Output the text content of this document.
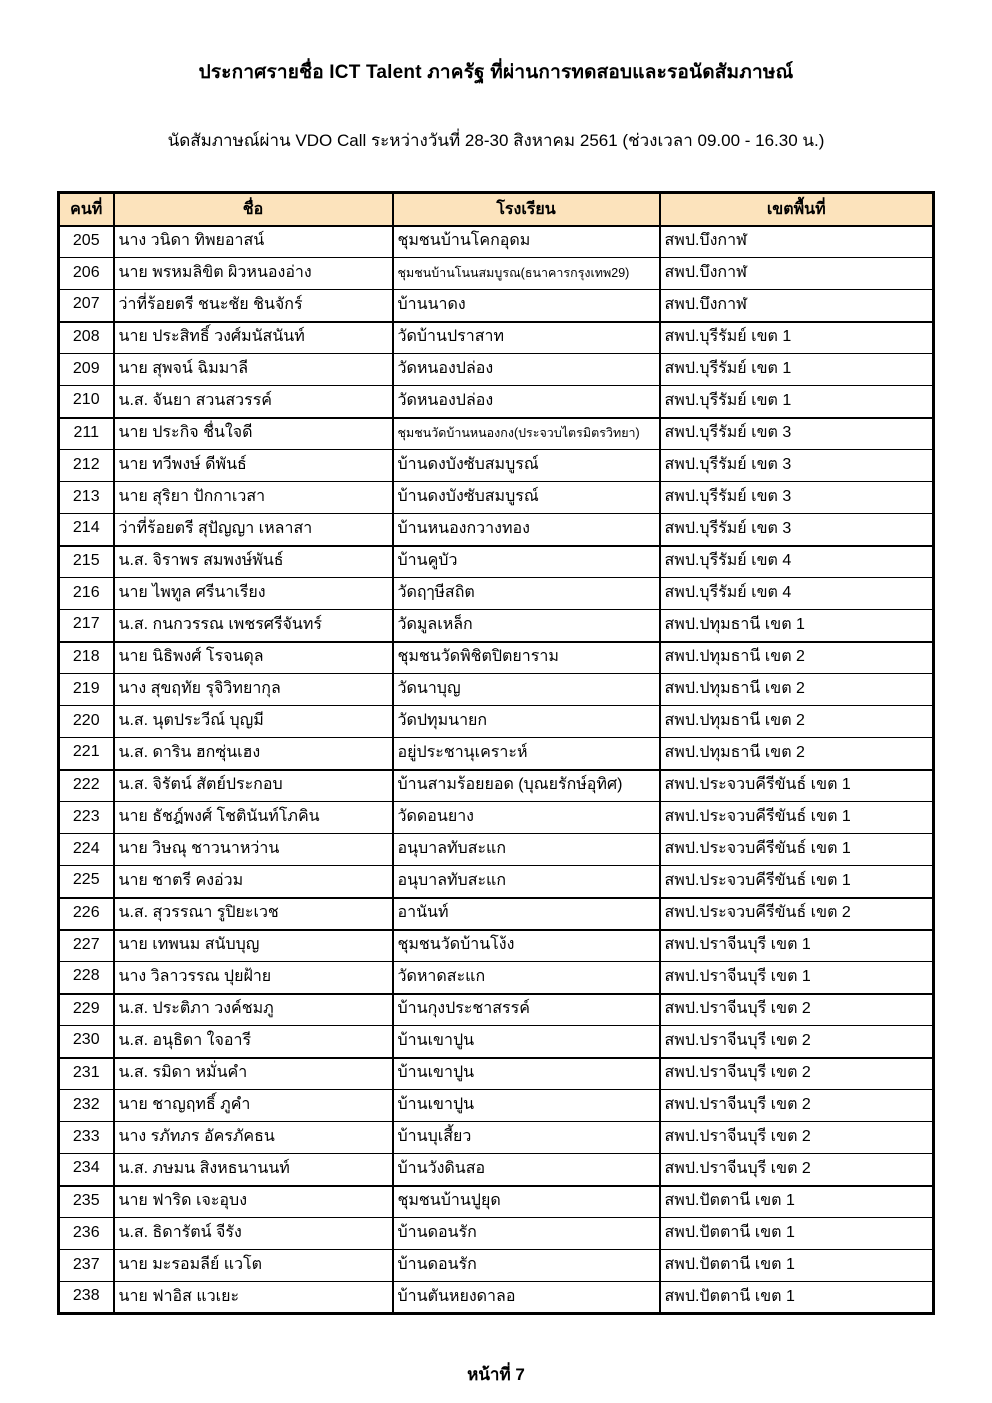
ประกาศรายชื่อ ICT Talent ภาครัฐ ที่ผ่านการทดสอบและรอนัดสัมภาษณ์
นัดสัมภาษณ์ผ่าน VDO Call ระหว่างวันที่ 28-30 สิงหาคม 2561 (ช่วงเวลา 09.00 - 16.30 น.)
คนที่	ชื่อ	โรงเรียน	เขตพื้นที่
205	นาง วนิดา ทิพยอาสน์	ชุมชนบ้านโคกอุดม	สพป.บึงกาฬ
206	นาย พรหมลิขิต ผิวหนองอ่าง	ชุมชนบ้านโนนสมบูรณ(ธนาคารกรุงเทพ29)	สพป.บึงกาฬ
207	ว่าที่ร้อยตรี ชนะชัย ชินจักร์	บ้านนาดง	สพป.บึงกาฬ
208	นาย ประสิทธิ์ วงศ์มนัสนันท์	วัดบ้านปราสาท	สพป.บุรีรัมย์ เขต 1
209	นาย สุพจน์ ฉิมมาลี	วัดหนองปล่อง	สพป.บุรีรัมย์ เขต 1
210	น.ส. จันยา สวนสวรรค์	วัดหนองปล่อง	สพป.บุรีรัมย์ เขต 1
211	นาย ประกิจ ชื่นใจดี	ชุมชนวัดบ้านหนองกง(ประจวบไตรมิตรวิทยา)	สพป.บุรีรัมย์ เขต 3
212	นาย ทวีพงษ์ ดีพันธ์	บ้านดงบังซับสมบูรณ์	สพป.บุรีรัมย์ เขต 3
213	นาย สุริยา ปักกาเวสา	บ้านดงบังซับสมบูรณ์	สพป.บุรีรัมย์ เขต 3
214	ว่าที่ร้อยตรี สุปัญญา เหลาสา	บ้านหนองกวางทอง	สพป.บุรีรัมย์ เขต 3
215	น.ส. จิราพร สมพงษ์พันธ์	บ้านคูบัว	สพป.บุรีรัมย์ เขต 4
216	นาย ไพทูล ศรีนาเรียง	วัดฤๅษีสถิต	สพป.บุรีรัมย์ เขต 4
217	น.ส. กนกวรรณ เพชรศรีจันทร์	วัดมูลเหล็ก	สพป.ปทุมธานี เขต 1
218	นาย นิธิพงศ์ โรจนดุล	ชุมชนวัดพิชิตปิตยาราม	สพป.ปทุมธานี เขต 2
219	นาง สุขฤทัย รุจิวิทยากุล	วัดนาบุญ	สพป.ปทุมธานี เขต 2
220	น.ส. นุตประวีณ์ บุญมี	วัดปทุมนายก	สพป.ปทุมธานี เขต 2
221	น.ส. ดาริน ฮกซุ่นเฮง	อยู่ประชานุเคราะห์	สพป.ปทุมธานี เขต 2
222	น.ส. จิรัตน์ สัตย์ประกอบ	บ้านสามร้อยยอด (บุณยรักษ์อุทิศ)	สพป.ประจวบคีรีขันธ์ เขต 1
223	นาย ธัชฎ์พงศ์ โชตินันท์โภคิน	วัดดอนยาง	สพป.ประจวบคีรีขันธ์ เขต 1
224	นาย วิษณุ ชาวนาหว่าน	อนุบาลทับสะแก	สพป.ประจวบคีรีขันธ์ เขต 1
225	นาย ชาตรี คงอ่วม	อนุบาลทับสะแก	สพป.ประจวบคีรีขันธ์ เขต 1
226	น.ส. สุวรรณา รูปิยะเวช	อานันท์	สพป.ประจวบคีรีขันธ์ เขต 2
227	นาย เทพนม สนับบุญ	ชุมชนวัดบ้านโง้ง	สพป.ปราจีนบุรี เขต 1
228	นาง วิลาวรรณ ปุยฝ้าย	วัดหาดสะแก	สพป.ปราจีนบุรี เขต 1
229	น.ส. ประติภา วงค์ชมภู	บ้านกุงประชาสรรค์	สพป.ปราจีนบุรี เขต 2
230	น.ส. อนุธิดา ใจอารี	บ้านเขาปูน	สพป.ปราจีนบุรี เขต 2
231	น.ส. รมิดา หมั่นคำ	บ้านเขาปูน	สพป.ปราจีนบุรี เขต 2
232	นาย ชาญฤทธิ์ ภูคำ	บ้านเขาปูน	สพป.ปราจีนบุรี เขต 2
233	นาง รภัทภร อัครภัคธน	บ้านบุเสี้ยว	สพป.ปราจีนบุรี เขต 2
234	น.ส. ภษมน สิงหธนานนท์	บ้านวังดินสอ	สพป.ปราจีนบุรี เขต 2
235	นาย ฟาริด เจะอุบง	ชุมชนบ้านปูยุด	สพป.ปัตตานี เขต 1
236	น.ส. ธิดารัตน์ จีรัง	บ้านดอนรัก	สพป.ปัตตานี เขต 1
237	นาย มะรอมลีย์ แวโต	บ้านดอนรัก	สพป.ปัตตานี เขต 1
238	นาย ฟาอิส แวเยะ	บ้านตันหยงดาลอ	สพป.ปัตตานี เขต 1
หน้าที่ 7
